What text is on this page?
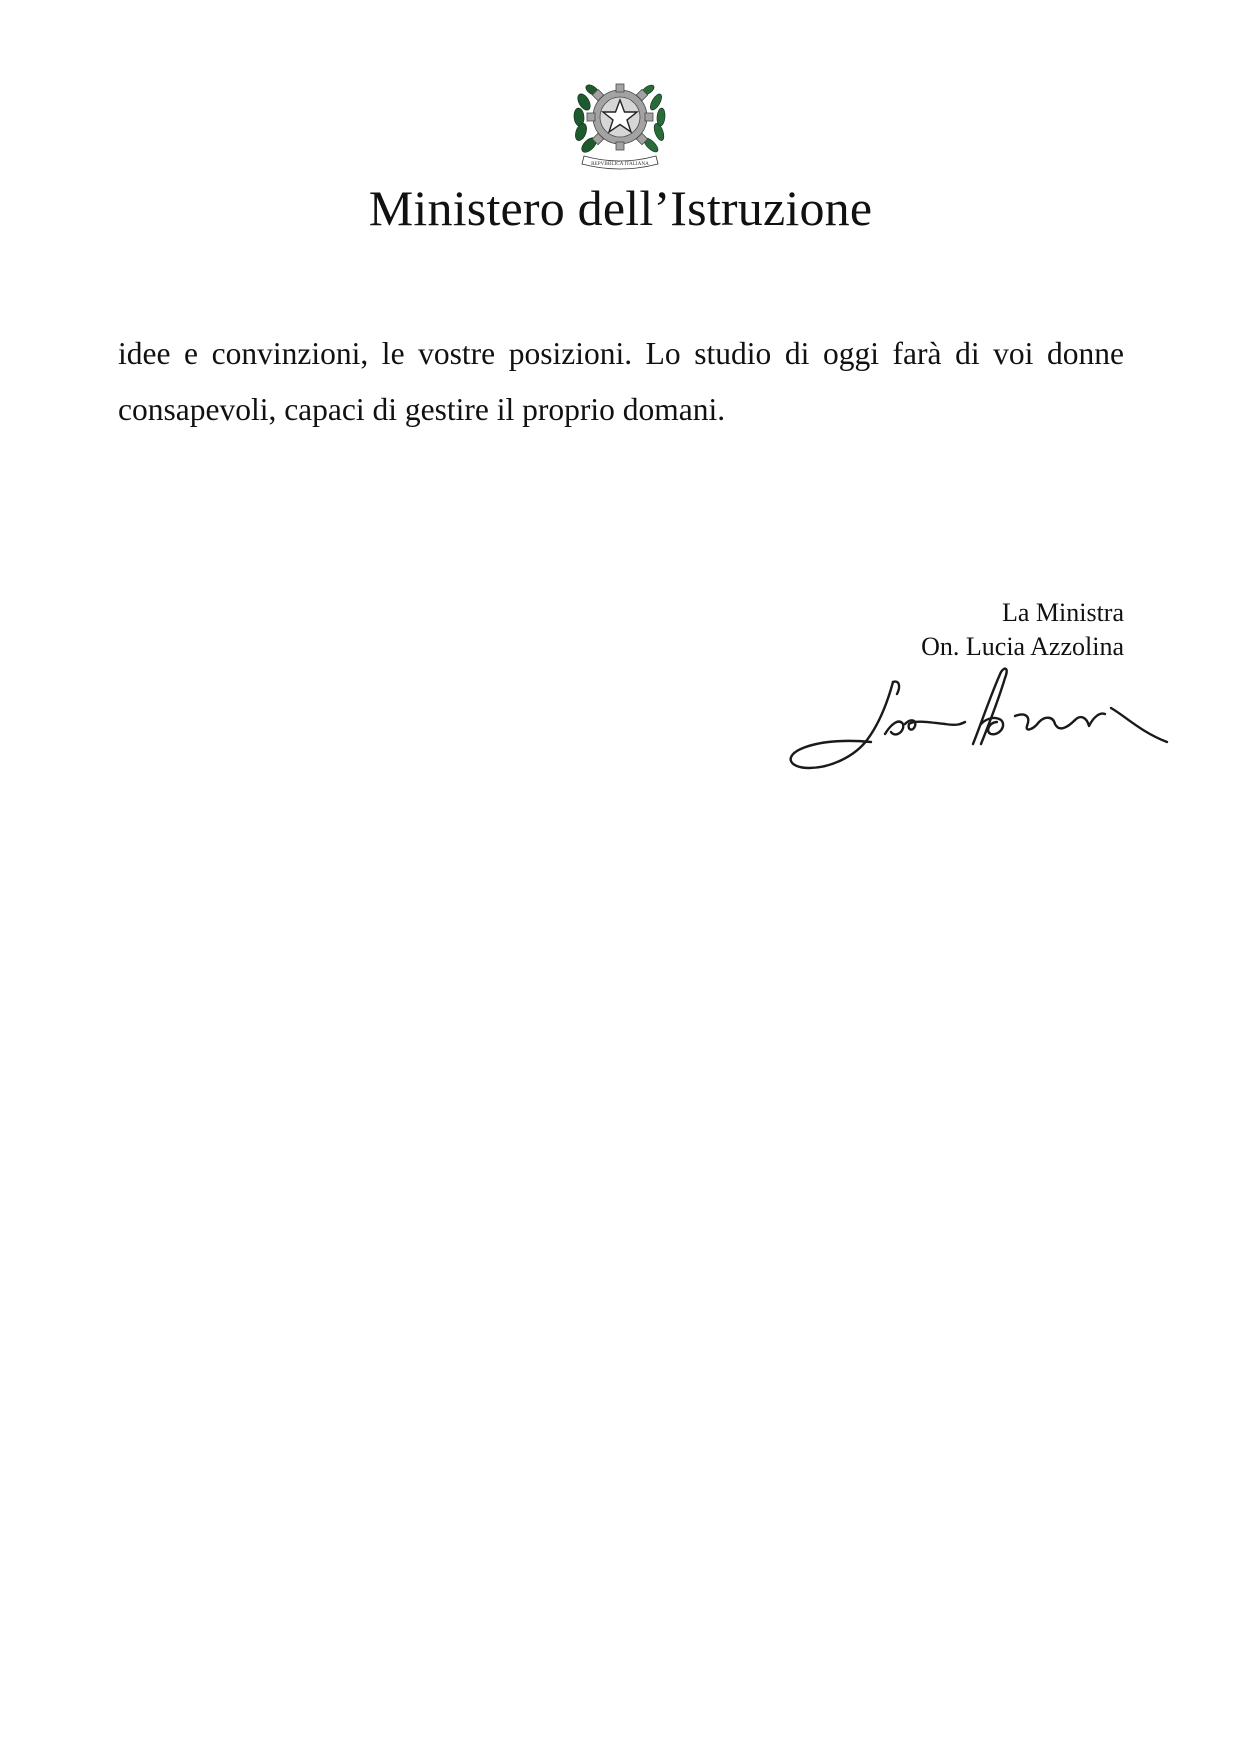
REPVBBLICA ITALIANA
Ministero dell’Istruzione

idee e convinzioni, le vostre posizioni. Lo studio di oggi farà di voi donne consapevoli, capaci di gestire il proprio domani.

La Ministra
On. Lucia Azzolina
